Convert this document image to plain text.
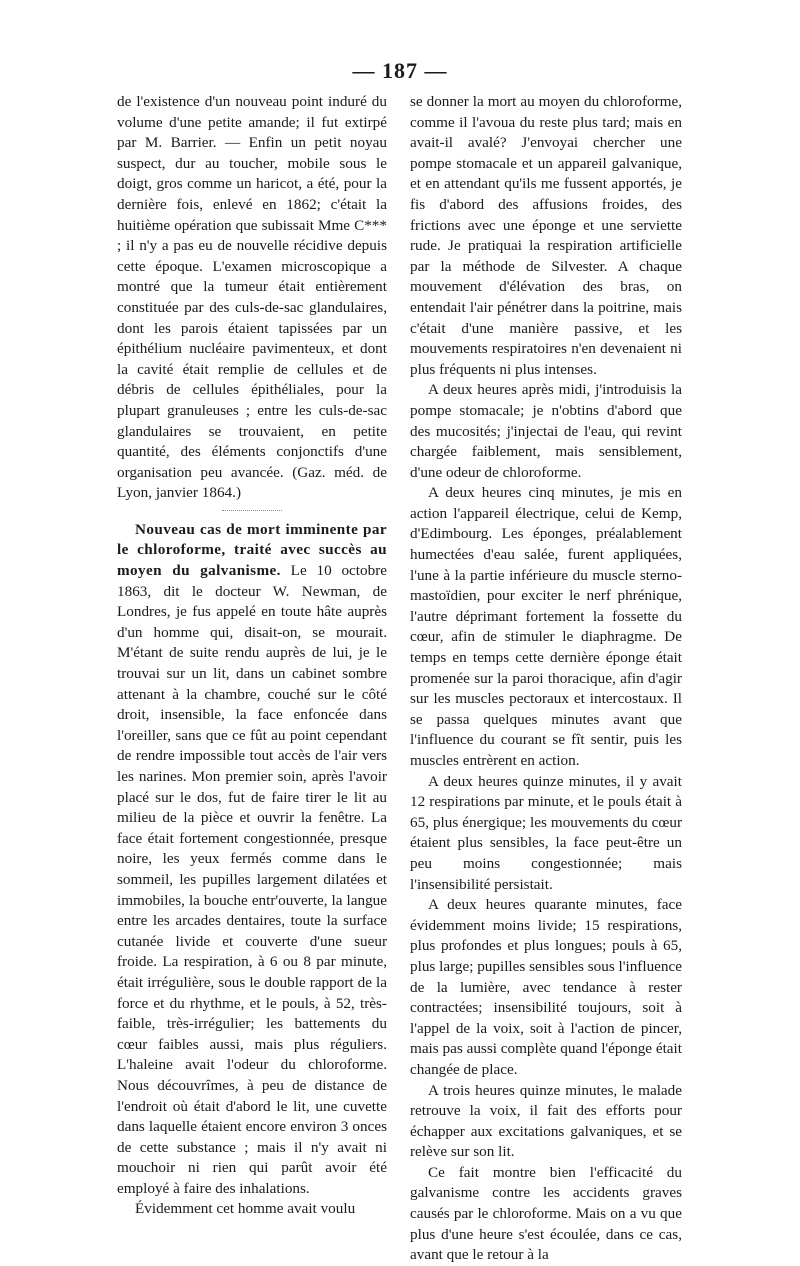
— 187 —

de l'existence d'un nouveau point induré du volume d'une petite amande; il fut extirpé par M. Barrier. — Enfin un petit noyau suspect, dur au toucher, mobile sous le doigt, gros comme un haricot, a été, pour la dernière fois, enlevé en 1862; c'était la huitième opération que subissait Mme C*** ; il n'y a pas eu de nouvelle récidive depuis cette époque. L'examen microscopique a montré que la tumeur était entièrement constituée par des culs-de-sac glandulaires, dont les parois étaient tapissées par un épithélium nucléaire pavimenteux, et dont la cavité était remplie de cellules et de débris de cellules épithéliales, pour la plupart granuleuses ; entre les culs-de-sac glandulaires se trouvaient, en petite quantité, des éléments conjonctifs d'une organisation peu avancée. (Gaz. méd. de Lyon, janvier 1864.)

Nouveau cas de mort imminente par le chloroforme, traité avec succès au moyen du galvanisme. Le 10 octobre 1863, dit le docteur W. Newman, de Londres, je fus appelé en toute hâte auprès d'un homme qui, disait-on, se mourait. M'étant de suite rendu auprès de lui, je le trouvai sur un lit, dans un cabinet sombre attenant à la chambre, couché sur le côté droit, insensible, la face enfoncée dans l'oreiller, sans que ce fût au point cependant de rendre impossible tout accès de l'air vers les narines. Mon premier soin, après l'avoir placé sur le dos, fut de faire tirer le lit au milieu de la pièce et ouvrir la fenêtre. La face était fortement congestionnée, presque noire, les yeux fermés comme dans le sommeil, les pupilles largement dilatées et immobiles, la bouche entr'ouverte, la langue entre les arcades dentaires, toute la surface cutanée livide et couverte d'une sueur froide. La respiration, à 6 ou 8 par minute, était irrégulière, sous le double rapport de la force et du rhythme, et le pouls, à 52, très-faible, très-irrégulier; les battements du cœur faibles aussi, mais plus réguliers. L'haleine avait l'odeur du chloroforme. Nous découvrîmes, à peu de distance de l'endroit où était d'abord le lit, une cuvette dans laquelle étaient encore environ 3 onces de cette substance ; mais il n'y avait ni mouchoir ni rien qui parût avoir été employé à faire des inhalations.

Évidemment cet homme avait voulu

se donner la mort au moyen du chloroforme, comme il l'avoua du reste plus tard; mais en avait-il avalé? J'envoyai chercher une pompe stomacale et un appareil galvanique, et en attendant qu'ils me fussent apportés, je fis d'abord des affusions froides, des frictions avec une éponge et une serviette rude. Je pratiquai la respiration artificielle par la méthode de Silvester. A chaque mouvement d'élévation des bras, on entendait l'air pénétrer dans la poitrine, mais c'était d'une manière passive, et les mouvements respiratoires n'en devenaient ni plus fréquents ni plus intenses.

A deux heures après midi, j'introduisis la pompe stomacale; je n'obtins d'abord que des mucosités; j'injectai de l'eau, qui revint chargée faiblement, mais sensiblement, d'une odeur de chloroforme.

A deux heures cinq minutes, je mis en action l'appareil électrique, celui de Kemp, d'Edimbourg. Les éponges, préalablement humectées d'eau salée, furent appliquées, l'une à la partie inférieure du muscle sterno-mastoïdien, pour exciter le nerf phrénique, l'autre déprimant fortement la fossette du cœur, afin de stimuler le diaphragme. De temps en temps cette dernière éponge était promenée sur la paroi thoracique, afin d'agir sur les muscles pectoraux et intercostaux. Il se passa quelques minutes avant que l'influence du courant se fît sentir, puis les muscles entrèrent en action.

A deux heures quinze minutes, il y avait 12 respirations par minute, et le pouls était à 65, plus énergique; les mouvements du cœur étaient plus sensibles, la face peut-être un peu moins congestionnée; mais l'insensibilité persistait.

A deux heures quarante minutes, face évidemment moins livide; 15 respirations, plus profondes et plus longues; pouls à 65, plus large; pupilles sensibles sous l'influence de la lumière, avec tendance à rester contractées; insensibilité toujours, soit à l'appel de la voix, soit à l'action de pincer, mais pas aussi complète quand l'éponge était changée de place.

A trois heures quinze minutes, le malade retrouve la voix, il fait des efforts pour échapper aux excitations galvaniques, et se relève sur son lit.

Ce fait montre bien l'efficacité du galvanisme contre les accidents graves causés par le chloroforme. Mais on a vu que plus d'une heure s'est écoulée, dans ce cas, avant que le retour à la
